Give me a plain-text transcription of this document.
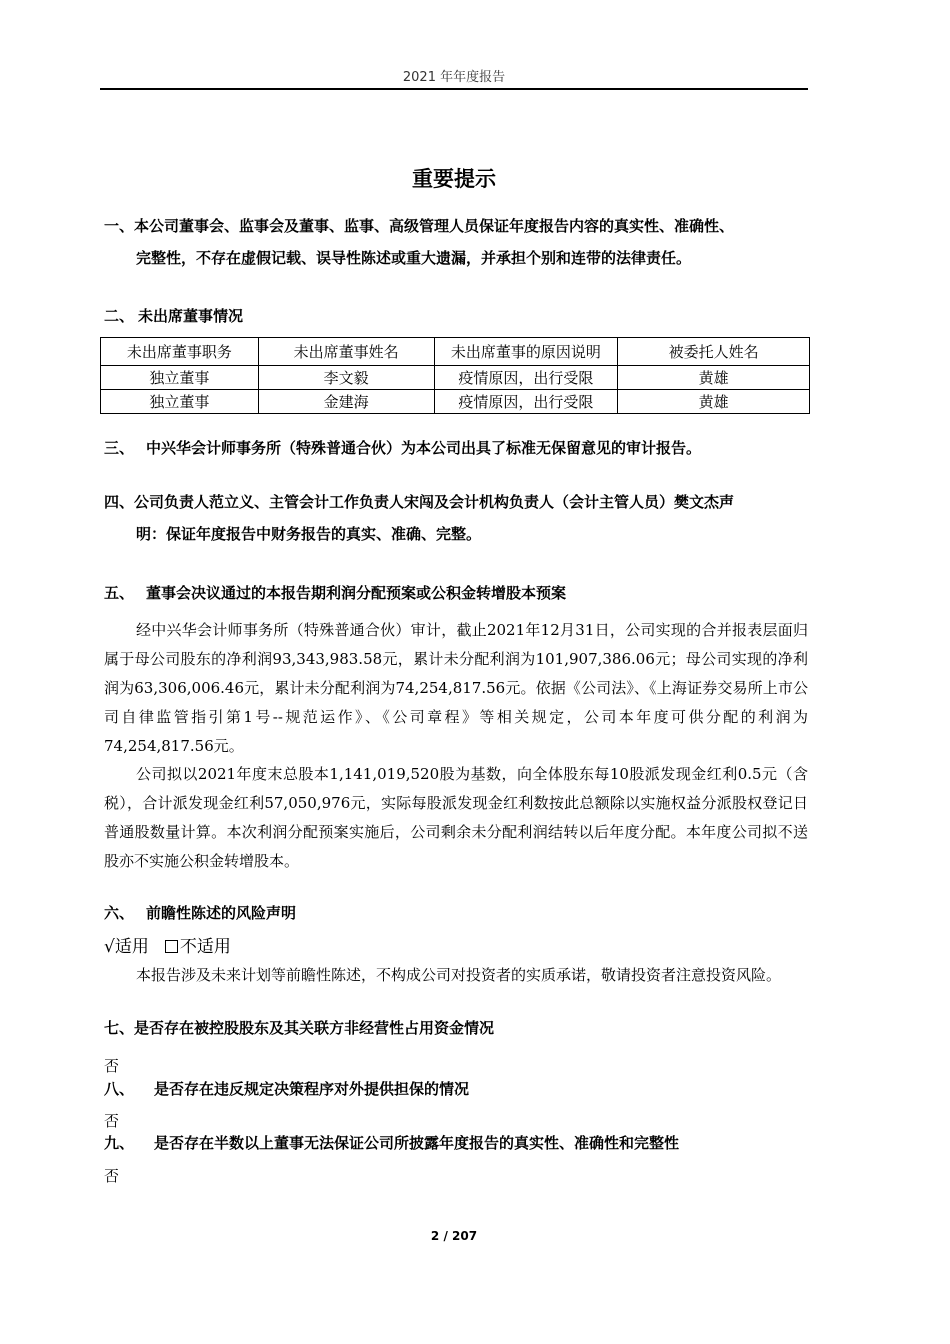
2021 年年度报告
重要提示
一、本公司董事会、监事会及董事、监事、高级管理人员保证年度报告内容的真实性、准确性、
完整性，不存在虚假记载、误导性陈述或重大遗漏，并承担个别和连带的法律责任。
二、 未出席董事情况
未出席董事职务	未出席董事姓名	未出席董事的原因说明	被委托人姓名
独立董事	李文毅	疫情原因，出行受限	黄雄
独立董事	金建海	疫情原因，出行受限	黄雄
三、 中兴华会计师事务所（特殊普通合伙）为本公司出具了标准无保留意见的审计报告。
四、公司负责人范立义、主管会计工作负责人宋闯及会计机构负责人（会计主管人员）樊文杰声
明：保证年度报告中财务报告的真实、准确、完整。
五、 董事会决议通过的本报告期利润分配预案或公积金转增股本预案
经中兴华会计师事务所（特殊普通合伙）审计，截止2021年12月31日，公司实现的合并报表层面归属于母公司股东的净利润93,343,983.58元，累计未分配利润为101,907,386.06元；母公司实现的净利润为63,306,006.46元，累计未分配利润为74,254,817.56元。依据《公司法》、《上海证券交易所上市公司自律监管指引第1号--规范运作》、《公司章程》等相关规定，公司本年度可供分配的利润为74,254,817.56元。
公司拟以2021年度末总股本1,141,019,520股为基数，向全体股东每10股派发现金红利0.5元（含税），合计派发现金红利57,050,976元，实际每股派发现金红利数按此总额除以实施权益分派股权登记日普通股数量计算。本次利润分配预案实施后，公司剩余未分配利润结转以后年度分配。本年度公司拟不送股亦不实施公积金转增股本。
六、 前瞻性陈述的风险声明
√适用 不适用
本报告涉及未来计划等前瞻性陈述，不构成公司对投资者的实质承诺，敬请投资者注意投资风险。
七、是否存在被控股股东及其关联方非经营性占用资金情况
否
八、 是否存在违反规定决策程序对外提供担保的情况
否
九、 是否存在半数以上董事无法保证公司所披露年度报告的真实性、准确性和完整性
否
2 / 207
